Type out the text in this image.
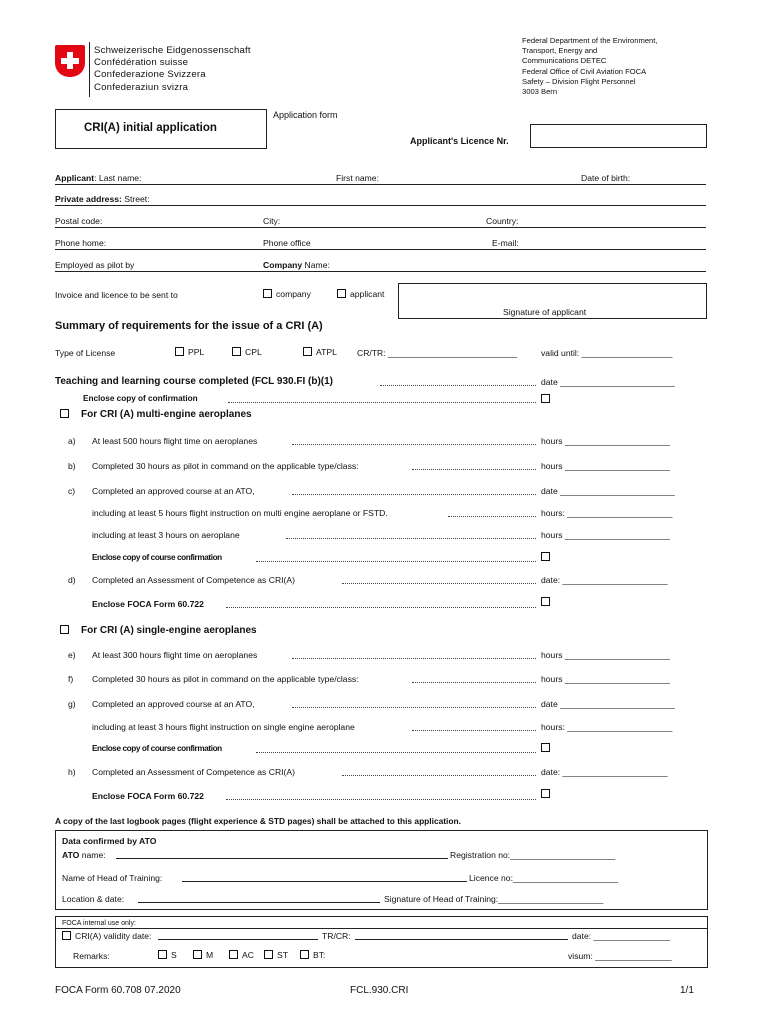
Schweizerische Eidgenossenschaft
Confédération suisse
Confederazione Svizzera
Confederaziun svizra
Federal Department of the Environment,
Transport, Energy and
Communications DETEC
Federal Office of Civil Aviation FOCA
Safety – Division Flight Personnel
3003 Bern
Application form
CRI(A) initial application
Applicant's Licence Nr.
Applicant: Last name:	First name:	Date of birth:
Private address: Street:
Postal code:	City:	Country:
Phone home:	Phone office	E-mail:
Employed as pilot by	Company Name:
Invoice and licence to be sent to	company	applicant
Signature of applicant
Summary of requirements for the issue of a CRI (A)
Type of License	PPL	CPL	ATPL CR/TR: ___________________________	valid until: ___________________
Teaching and learning course completed (FCL 930.FI (b)(1)	date ________________________
Enclose copy of confirmation
For CRI (A) multi-engine aeroplanes
a) At least 500 hours flight time on aeroplanes	hours ______________________
b) Completed 30 hours as pilot in command on the applicable type/class:	hours ______________________
c) Completed an approved course at an ATO,	date ________________________
including at least 5 hours flight instruction on multi engine aeroplane or FSTD.	hours: ______________________
including at least 3 hours on aeroplane	hours ______________________
Enclose copy of course confirmation
d) Completed an Assessment of Competence as CRI(A)	date: ______________________
Enclose FOCA Form 60.722
For CRI (A) single-engine aeroplanes
e) At least 300 hours flight time on aeroplanes	hours ______________________
f) Completed 30 hours as pilot in command on the applicable type/class:	hours ______________________
g) Completed an approved course at an ATO,	date ________________________
including at least 3 hours flight instruction on single engine aeroplane	hours: ______________________
Enclose copy of course confirmation
h) Completed an Assessment of Competence as CRI(A)	date: ______________________
Enclose FOCA Form 60.722
A copy of the last logbook pages (flight experience & STD pages) shall be attached to this application.
Data confirmed by ATO
ATO name:	Registration no:______________________
Name of Head of Training:	Licence no:______________________
Location & date:	Signature of Head of Training:______________________
FOCA internal use only:
CRI(A) validity date:	TR/CR:	date: ________________
Remarks:	S	M	AC	ST	BT:	visum: ________________
FOCA Form 60.708 07.2020	FCL.930.CRI	1/1
